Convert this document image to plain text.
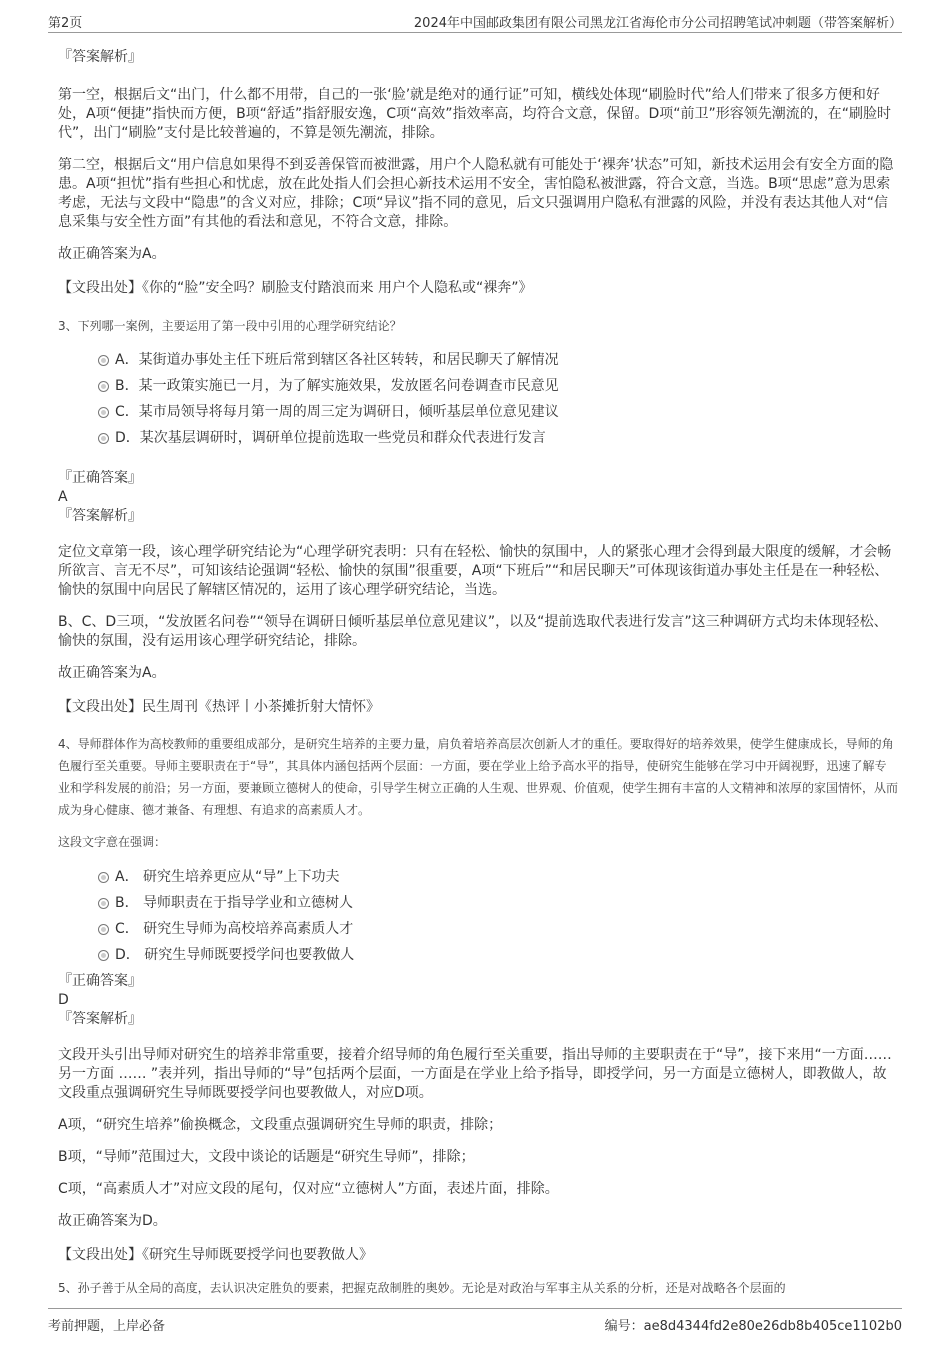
第2页	2024年中国邮政集团有限公司黑龙江省海伦市分公司招聘笔试冲刺题（带答案解析）

『答案解析』

第一空，根据后文“出门，什么都不用带，自己的一张‘脸’就是绝对的通行证”可知，横线处体现“刷脸时代”给人们带来了很多方便和好处，A项“便捷”指快而方便，B项“舒适”指舒服安逸，C项“高效”指效率高，均符合文意，保留。D项“前卫”形容领先潮流的，在“刷脸时代”，出门“刷脸”支付是比较普遍的，不算是领先潮流，排除。

第二空，根据后文“用户信息如果得不到妥善保管而被泄露，用户个人隐私就有可能处于‘裸奔’状态”可知，新技术运用会有安全方面的隐患。A项“担忧”指有些担心和忧虑，放在此处指人们会担心新技术运用不安全，害怕隐私被泄露，符合文意，当选。B项“思虑”意为思索考虑，无法与文段中“隐患”的含义对应，排除；C项“异议”指不同的意见，后文只强调用户隐私有泄露的风险，并没有表达其他人对“信息采集与安全性方面”有其他的看法和意见，不符合文意，排除。

故正确答案为A。

【文段出处】《你的“脸”安全吗？刷脸支付踏浪而来 用户个人隐私或“裸奔”》

3、下列哪一案例，主要运用了第一段中引用的心理学研究结论？

A．某街道办事处主任下班后常到辖区各社区转转，和居民聊天了解情况
B．某一政策实施已一月，为了解实施效果，发放匿名问卷调查市民意见
C．某市局领导将每月第一周的周三定为调研日，倾听基层单位意见建议
D．某次基层调研时，调研单位提前选取一些党员和群众代表进行发言

『正确答案』

A

『答案解析』

定位文章第一段，该心理学研究结论为“心理学研究表明：只有在轻松、愉快的氛围中，人的紧张心理才会得到最大限度的缓解，才会畅所欲言、言无不尽”，可知该结论强调“轻松、愉快的氛围”很重要，A项“下班后”“和居民聊天”可体现该街道办事处主任是在一种轻松、愉快的氛围中向居民了解辖区情况的，运用了该心理学研究结论，当选。

B、C、D三项，“发放匿名问卷”“领导在调研日倾听基层单位意见建议”，以及“提前选取代表进行发言”这三种调研方式均未体现轻松、愉快的氛围，没有运用该心理学研究结论，排除。

故正确答案为A。

【文段出处】民生周刊《热评丨小茶摊折射大情怀》

4、导师群体作为高校教师的重要组成部分，是研究生培养的主要力量，肩负着培养高层次创新人才的重任。要取得好的培养效果，使学生健康成长，导师的角色履行至关重要。导师主要职责在于“导”，其具体内涵包括两个层面：一方面，要在学业上给予高水平的指导，使研究生能够在学习中开阔视野，迅速了解专业和学科发展的前沿；另一方面，要兼顾立德树人的使命，引导学生树立正确的人生观、世界观、价值观，使学生拥有丰富的人文精神和浓厚的家国情怀，从而成为身心健康、德才兼备、有理想、有追求的高素质人才。

这段文字意在强调：

A． 研究生培养更应从“导”上下功夫
B． 导师职责在于指导学业和立德树人
C． 研究生导师为高校培养高素质人才
D． 研究生导师既要授学问也要教做人

『正确答案』

D

『答案解析』

文段开头引出导师对研究生的培养非常重要，接着介绍导师的角色履行至关重要，指出导师的主要职责在于“导”，接下来用“一方面……另一方面 …… ”表并列，指出导师的“导”包括两个层面，一方面是在学业上给予指导，即授学问，另一方面是立德树人，即教做人，故文段重点强调研究生导师既要授学问也要教做人，对应D项。

A项，“研究生培养”偷换概念，文段重点强调研究生导师的职责，排除；

B项，“导师”范围过大，文段中谈论的话题是“研究生导师”，排除；

C项，“高素质人才”对应文段的尾句，仅对应“立德树人”方面，表述片面，排除。

故正确答案为D。

【文段出处】《研究生导师既要授学问也要教做人》

5、孙子善于从全局的高度，去认识决定胜负的要素，把握克敌制胜的奥妙。无论是对政治与军事主从关系的分析，还是对战略各个层面的

考前押题，上岸必备	编号：ae8d4344fd2e80e26db8b405ce1102b0
